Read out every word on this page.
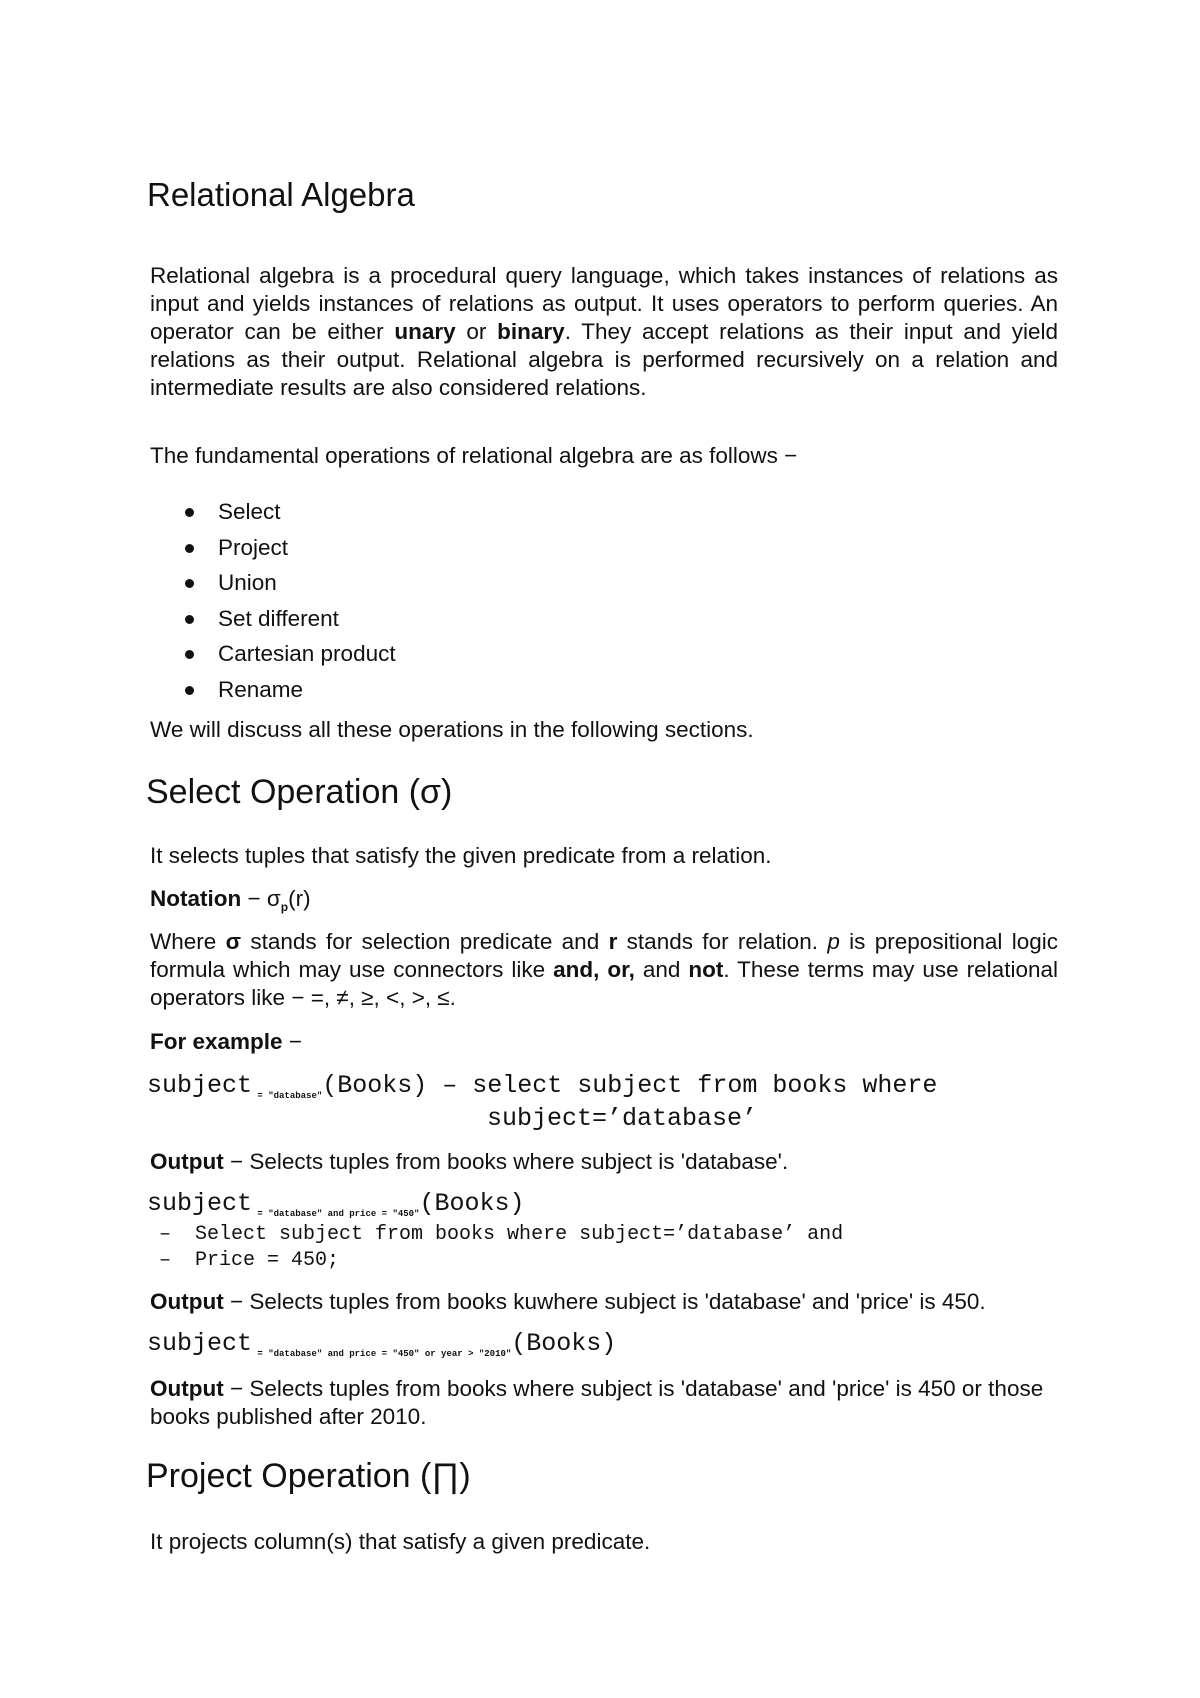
Relational Algebra

Relational algebra is a procedural query language, which takes instances of relations as input and yields instances of relations as output. It uses operators to perform queries. An operator can be either unary or binary. They accept relations as their input and yield relations as their output. Relational algebra is performed recursively on a relation and intermediate results are also considered relations.

The fundamental operations of relational algebra are as follows −

Select
Project
Union
Set different
Cartesian product
Rename

We will discuss all these operations in the following sections.

Select Operation (σ)

It selects tuples that satisfy the given predicate from a relation.

Notation − $\sigma_p(r)$

Where σ stands for selection predicate and r stands for relation. p is prepositional logic formula which may use connectors like and, or, and not. These terms may use relational operators like − =, ≠, ≥, <, >, ≤.

For example −

subject $_{= "database"}$(Books) – select subject from books where
subject=’database’

Output − Selects tuples from books where subject is 'database'.

subject $_{= "database" and price = "450"}$(Books)
–  Select subject from books where subject=’database’ and
–  Price = 450;

Output − Selects tuples from books kuwhere subject is 'database' and 'price' is 450.

subject $_{= "database" and price = "450" or year > "2010"}$(Books)

Output − Selects tuples from books where subject is 'database' and 'price' is 450 or those books published after 2010.

Project Operation (∏)

It projects column(s) that satisfy a given predicate.
